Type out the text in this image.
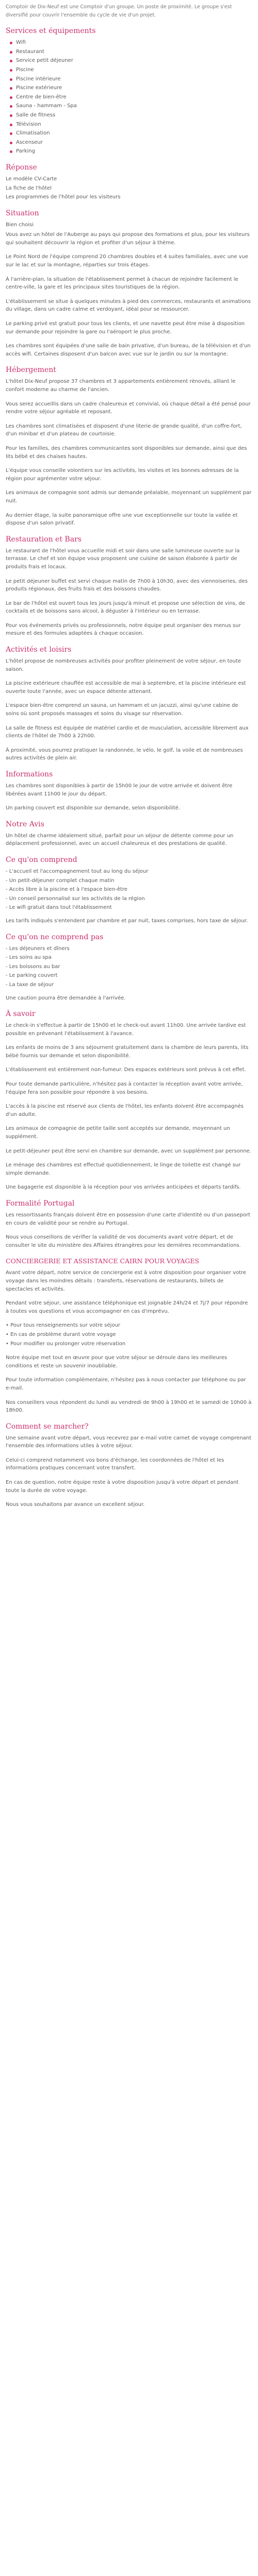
Comptoir de Dix-Neuf est une Comptoir d'un groupe. Un poste de proximité. Le groupe s'est diversifié pour couvrir l'ensemble du cycle de vie d'un projet.

Services et équipements
Wifi
Restaurant
Service petit déjeuner
Piscine
Piscine intérieure
Piscine extérieure
Centre de bien-être
Sauna - hammam - Spa
Salle de fitness
Télévision
Climatisation
Ascenseur
Parking
Réponse
Le modèle CV-Carte
La fiche de l'hôtel
Les programmes de l'hôtel pour les visiteurs
Situation

Bien choisi

Vous avez un hôtel de l'Auberge au pays qui propose des formations et plus, pour les visiteurs qui souhaitent découvrir la région et profiter d'un séjour à thème.

Le Point Nord de l'équipe comprend 20 chambres doubles et 4 suites familiales, avec une vue sur le lac et sur la montagne, réparties sur trois étages.

À l'arrière-plan, la situation de l'établissement permet à chacun de rejoindre facilement le centre-ville, la gare et les principaux sites touristiques de la région.

L'établissement se situe à quelques minutes à pied des commerces, restaurants et animations du village, dans un cadre calme et verdoyant, idéal pour se ressourcer.

Le parking privé est gratuit pour tous les clients, et une navette peut être mise à disposition sur demande pour rejoindre la gare ou l'aéroport le plus proche.

Les chambres sont équipées d'une salle de bain privative, d'un bureau, de la télévision et d'un accès wifi. Certaines disposent d'un balcon avec vue sur le jardin ou sur la montagne.

Hébergement

L'hôtel Dix-Neuf propose 37 chambres et 3 appartements entièrement rénovés, alliant le confort moderne au charme de l'ancien.

Vous serez accueillis dans un cadre chaleureux et convivial, où chaque détail a été pensé pour rendre votre séjour agréable et reposant.

Les chambres sont climatisées et disposent d'une literie de grande qualité, d'un coffre-fort, d'un minibar et d'un plateau de courtoisie.

Pour les familles, des chambres communicantes sont disponibles sur demande, ainsi que des lits bébé et des chaises hautes.

L'équipe vous conseille volontiers sur les activités, les visites et les bonnes adresses de la région pour agrémenter votre séjour.

Les animaux de compagnie sont admis sur demande préalable, moyennant un supplément par nuit.

Au dernier étage, la suite panoramique offre une vue exceptionnelle sur toute la vallée et dispose d'un salon privatif.

Restauration et Bars

Le restaurant de l'hôtel vous accueille midi et soir dans une salle lumineuse ouverte sur la terrasse. Le chef et son équipe vous proposent une cuisine de saison élaborée à partir de produits frais et locaux.

Le petit déjeuner buffet est servi chaque matin de 7h00 à 10h30, avec des viennoiseries, des produits régionaux, des fruits frais et des boissons chaudes.

Le bar de l'hôtel est ouvert tous les jours jusqu'à minuit et propose une sélection de vins, de cocktails et de boissons sans alcool, à déguster à l'intérieur ou en terrasse.

Pour vos événements privés ou professionnels, notre équipe peut organiser des menus sur mesure et des formules adaptées à chaque occasion.

Activités et loisirs

L'hôtel propose de nombreuses activités pour profiter pleinement de votre séjour, en toute saison.

La piscine extérieure chauffée est accessible de mai à septembre, et la piscine intérieure est ouverte toute l'année, avec un espace détente attenant.

L'espace bien-être comprend un sauna, un hammam et un jacuzzi, ainsi qu'une cabine de soins où sont proposés massages et soins du visage sur réservation.

La salle de fitness est équipée de matériel cardio et de musculation, accessible librement aux clients de l'hôtel de 7h00 à 22h00.

À proximité, vous pourrez pratiquer la randonnée, le vélo, le golf, la voile et de nombreuses autres activités de plein air.

Informations

Les chambres sont disponibles à partir de 15h00 le jour de votre arrivée et doivent être libérées avant 11h00 le jour du départ.

Un parking couvert est disponible sur demande, selon disponibilité.

Notre Avis

Un hôtel de charme idéalement situé, parfait pour un séjour de détente comme pour un déplacement professionnel, avec un accueil chaleureux et des prestations de qualité.

Ce qu'on comprend
- L'accueil et l'accompagnement tout au long du séjour
- Un petit-déjeuner complet chaque matin
- Accès libre à la piscine et à l'espace bien-être
- Un conseil personnalisé sur les activités de la région
- Le wifi gratuit dans tout l'établissement

Les tarifs indiqués s'entendent par chambre et par nuit, taxes comprises, hors taxe de séjour.

Ce qu'on ne comprend pas
- Les déjeuners et dîners
- Les soins au spa
- Les boissons au bar
- Le parking couvert
- La taxe de séjour

Une caution pourra être demandée à l'arrivée.

À savoir

Le check-in s'effectue à partir de 15h00 et le check-out avant 11h00. Une arrivée tardive est possible en prévenant l'établissement à l'avance.

Les enfants de moins de 3 ans séjournent gratuitement dans la chambre de leurs parents, lits bébé fournis sur demande et selon disponibilité.

L'établissement est entièrement non-fumeur. Des espaces extérieurs sont prévus à cet effet.

Pour toute demande particulière, n'hésitez pas à contacter la réception avant votre arrivée, l'équipe fera son possible pour répondre à vos besoins.

L'accès à la piscine est réservé aux clients de l'hôtel, les enfants doivent être accompagnés d'un adulte.

Les animaux de compagnie de petite taille sont acceptés sur demande, moyennant un supplément.

Le petit-déjeuner peut être servi en chambre sur demande, avec un supplément par personne.

Le ménage des chambres est effectué quotidiennement, le linge de toilette est changé sur simple demande.

Une bagagerie est disponible à la réception pour vos arrivées anticipées et départs tardifs.

Formalité Portugal

Les ressortissants français doivent être en possession d'une carte d'identité ou d'un passeport en cours de validité pour se rendre au Portugal.

Nous vous conseillons de vérifier la validité de vos documents avant votre départ, et de consulter le site du ministère des Affaires étrangères pour les dernières recommandations.

CONCIERGERIE ET ASSISTANCE CAIRN POUR VOYAGES

Avant votre départ, notre service de conciergerie est à votre disposition pour organiser votre voyage dans les moindres détails : transferts, réservations de restaurants, billets de spectacles et activités.

Pendant votre séjour, une assistance téléphonique est joignable 24h/24 et 7j/7 pour répondre à toutes vos questions et vous accompagner en cas d'imprévu.

• Pour tous renseignements sur votre séjour
• En cas de problème durant votre voyage
• Pour modifier ou prolonger votre réservation

Notre équipe met tout en œuvre pour que votre séjour se déroule dans les meilleures conditions et reste un souvenir inoubliable.

Pour toute information complémentaire, n'hésitez pas à nous contacter par téléphone ou par e-mail.

Nos conseillers vous répondent du lundi au vendredi de 9h00 à 19h00 et le samedi de 10h00 à 18h00.

Comment se marcher?

Une semaine avant votre départ, vous recevrez par e-mail votre carnet de voyage comprenant l'ensemble des informations utiles à votre séjour.

Celui-ci comprend notamment vos bons d'échange, les coordonnées de l'hôtel et les informations pratiques concernant votre transfert.

En cas de question, notre équipe reste à votre disposition jusqu'à votre départ et pendant toute la durée de votre voyage.

Nous vous souhaitons par avance un excellent séjour.
